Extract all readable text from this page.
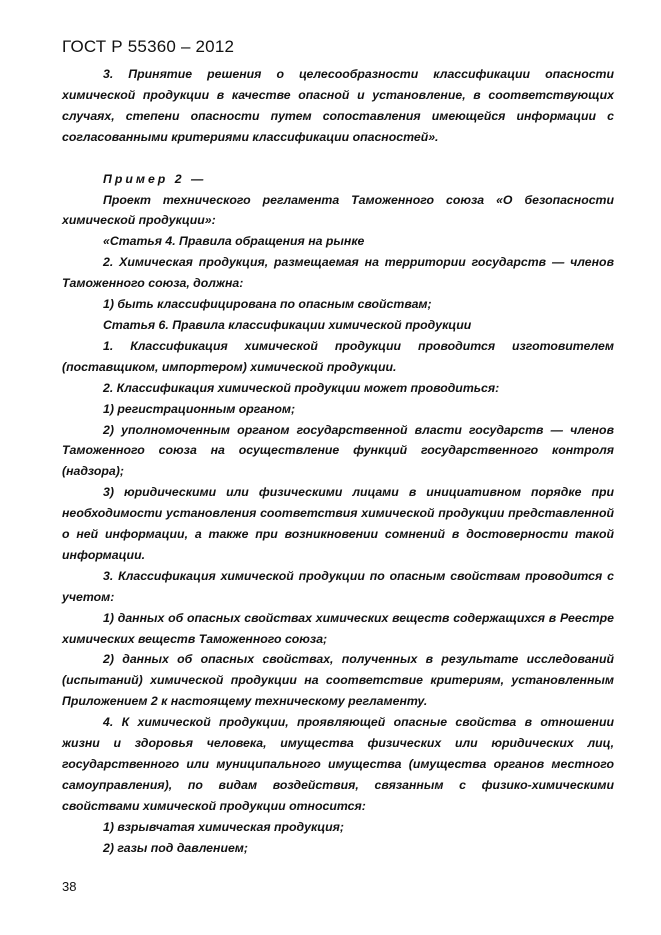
ГОСТ Р 55360 – 2012

3. Принятие решения о целесообразности классификации опасности химической продукции в качестве опасной и установление, в соответствующих случаях, степени опасности путем сопоставления имеющейся информации с согласованными критериями классификации опасностей».

Пример 2 —

Проект технического регламента Таможенного союза «О безопасности химической продукции»:

«Статья 4. Правила обращения на рынке

2. Химическая продукция, размещаемая на территории государств — членов Таможенного союза, должна:

1) быть классифицирована по опасным свойствам;

Статья 6. Правила классификации химической продукции

1. Классификация химической продукции проводится изготовителем (поставщиком, импортером) химической продукции.

2. Классификация химической продукции может проводиться:

1) регистрационным органом;

2) уполномоченным органом государственной власти государств — членов Таможенного союза на осуществление функций государственного контроля (надзора);

3) юридическими или физическими лицами в инициативном порядке при необходимости установления соответствия химической продукции представленной о ней информации, а также при возникновении сомнений в достоверности такой информации.

3. Классификация химической продукции по опасным свойствам проводится с учетом:

1) данных об опасных свойствах химических веществ содержащихся в Реестре химических веществ Таможенного союза;

2) данных об опасных свойствах, полученных в результате исследований (испытаний) химической продукции на соответствие критериям, установленным Приложением 2 к настоящему техническому регламенту.

4. К химической продукции, проявляющей опасные свойства в отношении жизни и здоровья человека, имущества физических или юридических лиц, государственного или муниципального имущества (имущества органов местного самоуправления), по видам воздействия, связанным с физико-химическими свойствами химической продукции относится:

1) взрывчатая химическая продукция;

2) газы под давлением;

38
